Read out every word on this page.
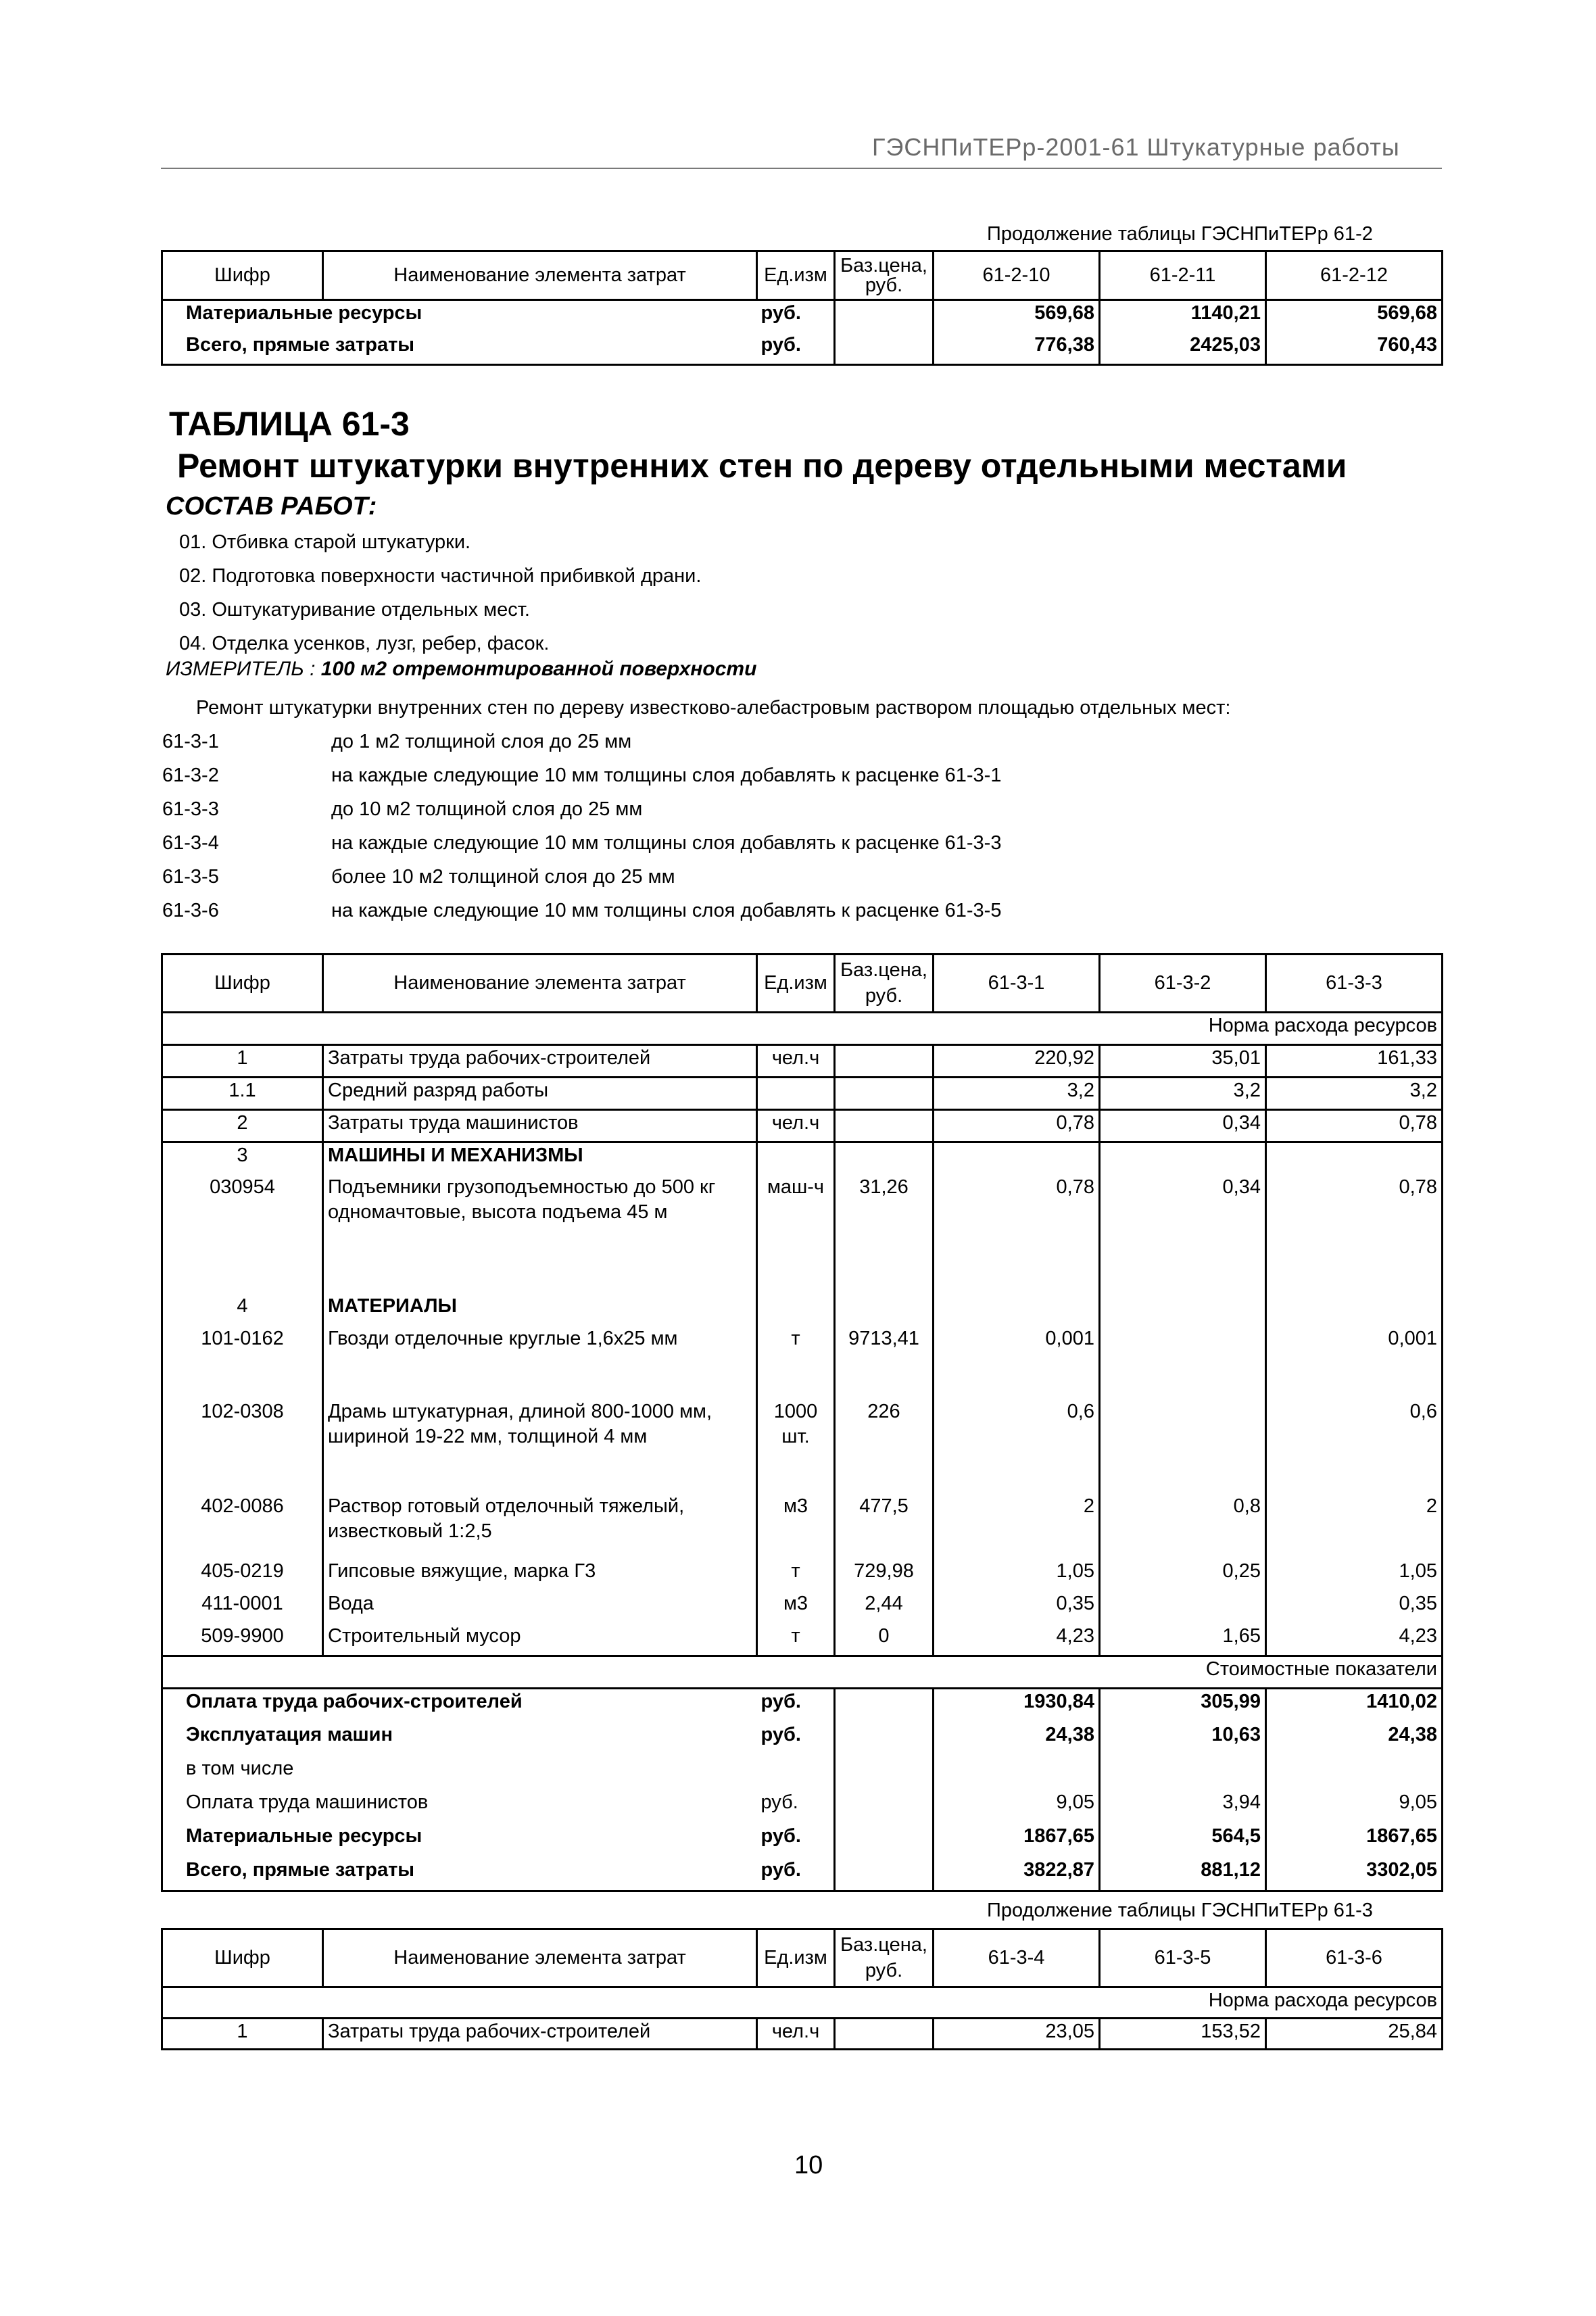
ГЭСНПиТЕРр-2001-61 Штукатурные работы
Продолжение таблицы ГЭСНПиТЕРр 61-2
Шифр	Наименование элемента затрат	Ед.изм	Баз.цена, руб.	61-2-10	61-2-11	61-2-12
Материальные ресурсы		руб.		569,68	1140,21	569,68
Всего, прямые затраты		руб.		776,38	2425,03	760,43
ТАБЛИЦА 61-3
Ремонт штукатурки внутренних стен по дереву отдельными местами
СОСТАВ РАБОТ:
01. Отбивка старой штукатурки.
02. Подготовка поверхности частичной прибивкой драни.
03. Оштукатуривание отдельных мест.
04. Отделка усенков, лузг, ребер, фасок.
ИЗМЕРИТЕЛЬ : 100 м2 отремонтированной поверхности
Ремонт штукатурки внутренних стен по дереву известково-алебастровым раствором площадью отдельных мест:
61-3-1	до 1 м2 толщиной слоя до 25 мм
61-3-2	на каждые следующие 10 мм толщины слоя добавлять к расценке 61-3-1
61-3-3	до 10 м2 толщиной слоя до 25 мм
61-3-4	на каждые следующие 10 мм толщины слоя добавлять к расценке 61-3-3
61-3-5	более 10 м2 толщиной слоя до 25 мм
61-3-6	на каждые следующие 10 мм толщины слоя добавлять к расценке 61-3-5
Шифр	Наименование элемента затрат	Ед.изм	Баз.цена, руб.	61-3-1	61-3-2	61-3-3
Норма расхода ресурсов						
1	Затраты труда рабочих-строителей	чел.ч		220,92	35,01	161,33
1.1	Средний разряд работы			3,2	3,2	3,2
2	Затраты труда машинистов	чел.ч		0,78	0,34	0,78
3	МАШИНЫ И МЕХАНИЗМЫ					
030954	Подъемники грузоподъемностью до 500 кг одномачтовые, высота подъема 45 м	маш-ч	31,26	0,78	0,34	0,78
4	МАТЕРИАЛЫ					
101-0162	Гвозди отделочные круглые 1,6х25 мм	т	9713,41	0,001		0,001
102-0308	Драмь штукатурная, длиной 800-1000 мм, шириной 19-22 мм, толщиной 4 мм	1000 шт.	226	0,6		0,6
402-0086	Раствор готовый отделочный тяжелый, известковый 1:2,5	м3	477,5	2	0,8	2
405-0219	Гипсовые вяжущие, марка Г3	т	729,98	1,05	0,25	1,05
411-0001	Вода	м3	2,44	0,35		0,35
509-9900	Строительный мусор	т	0	4,23	1,65	4,23
Стоимостные показатели						
Оплата труда рабочих-строителей		руб.		1930,84	305,99	1410,02
Эксплуатация машин		руб.		24,38	10,63	24,38
в том числе						
Оплата труда машинистов		руб.		9,05	3,94	9,05
Материальные ресурсы		руб.		1867,65	564,5	1867,65
Всего, прямые затраты		руб.		3822,87	881,12	3302,05
Продолжение таблицы ГЭСНПиТЕРр 61-3
Шифр	Наименование элемента затрат	Ед.изм	Баз.цена, руб.	61-3-4	61-3-5	61-3-6
Норма расхода ресурсов						
1	Затраты труда рабочих-строителей	чел.ч		23,05	153,52	25,84
10
